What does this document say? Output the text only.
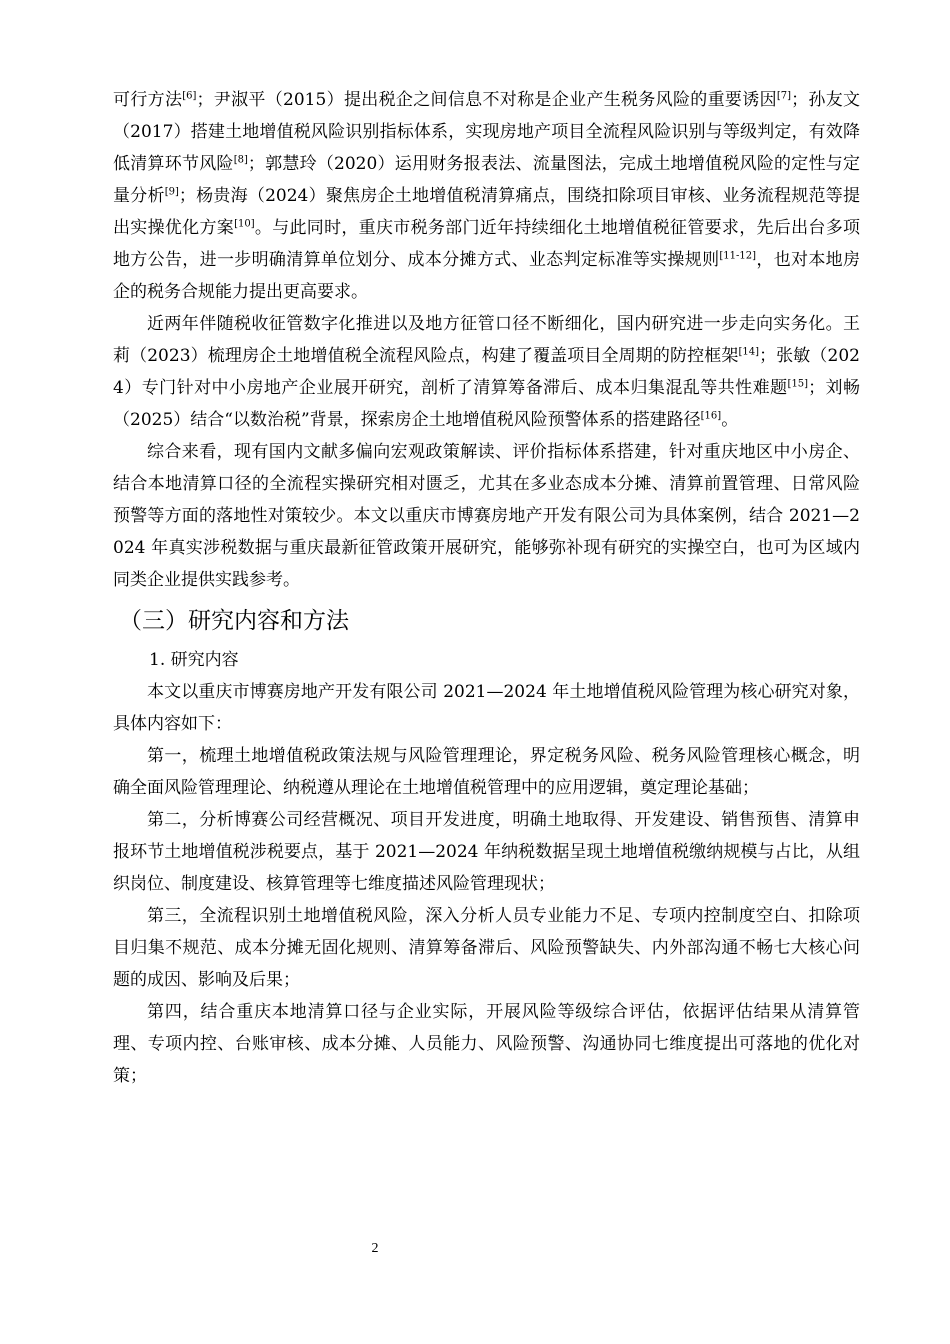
可行方法[6]；尹淑平（2015）提出税企之间信息不对称是企业产生税务风险的重要诱因[7]；孙友文（2017）搭建土地增值税风险识别指标体系，实现房地产项目全流程风险识别与等级判定，有效降低清算环节风险[8]；郭慧玲（2020）运用财务报表法、流量图法，完成土地增值税风险的定性与定量分析[9]；杨贵海（2024）聚焦房企土地增值税清算痛点，围绕扣除项目审核、业务流程规范等提出实操优化方案[10]。与此同时，重庆市税务部门近年持续细化土地增值税征管要求，先后出台多项地方公告，进一步明确清算单位划分、成本分摊方式、业态判定标准等实操规则[11-12]，也对本地房企的税务合规能力提出更高要求。

近两年伴随税收征管数字化推进以及地方征管口径不断细化，国内研究进一步走向实务化。王莉（2023）梳理房企土地增值税全流程风险点，构建了覆盖项目全周期的防控框架[14]；张敏（2024）专门针对中小房地产企业展开研究，剖析了清算筹备滞后、成本归集混乱等共性难题[15]；刘畅（2025）结合“以数治税”背景，探索房企土地增值税风险预警体系的搭建路径[16]。

综合来看，现有国内文献多偏向宏观政策解读、评价指标体系搭建，针对重庆地区中小房企、结合本地清算口径的全流程实操研究相对匮乏，尤其在多业态成本分摊、清算前置管理、日常风险预警等方面的落地性对策较少。本文以重庆市博赛房地产开发有限公司为具体案例，结合 2021—2024 年真实涉税数据与重庆最新征管政策开展研究，能够弥补现有研究的实操空白，也可为区域内同类企业提供实践参考。

（三）研究内容和方法

1. 研究内容

本文以重庆市博赛房地产开发有限公司 2021—2024 年土地增值税风险管理为核心研究对象，具体内容如下：

第一，梳理土地增值税政策法规与风险管理理论，界定税务风险、税务风险管理核心概念，明确全面风险管理理论、纳税遵从理论在土地增值税管理中的应用逻辑，奠定理论基础；

第二，分析博赛公司经营概况、项目开发进度，明确土地取得、开发建设、销售预售、清算申报环节土地增值税涉税要点，基于 2021—2024 年纳税数据呈现土地增值税缴纳规模与占比，从组织岗位、制度建设、核算管理等七维度描述风险管理现状；

第三，全流程识别土地增值税风险，深入分析人员专业能力不足、专项内控制度空白、扣除项目归集不规范、成本分摊无固化规则、清算筹备滞后、风险预警缺失、内外部沟通不畅七大核心问题的成因、影响及后果；

第四，结合重庆本地清算口径与企业实际，开展风险等级综合评估，依据评估结果从清算管理、专项内控、台账审核、成本分摊、人员能力、风险预警、沟通协同七维度提出可落地的优化对策；

2
